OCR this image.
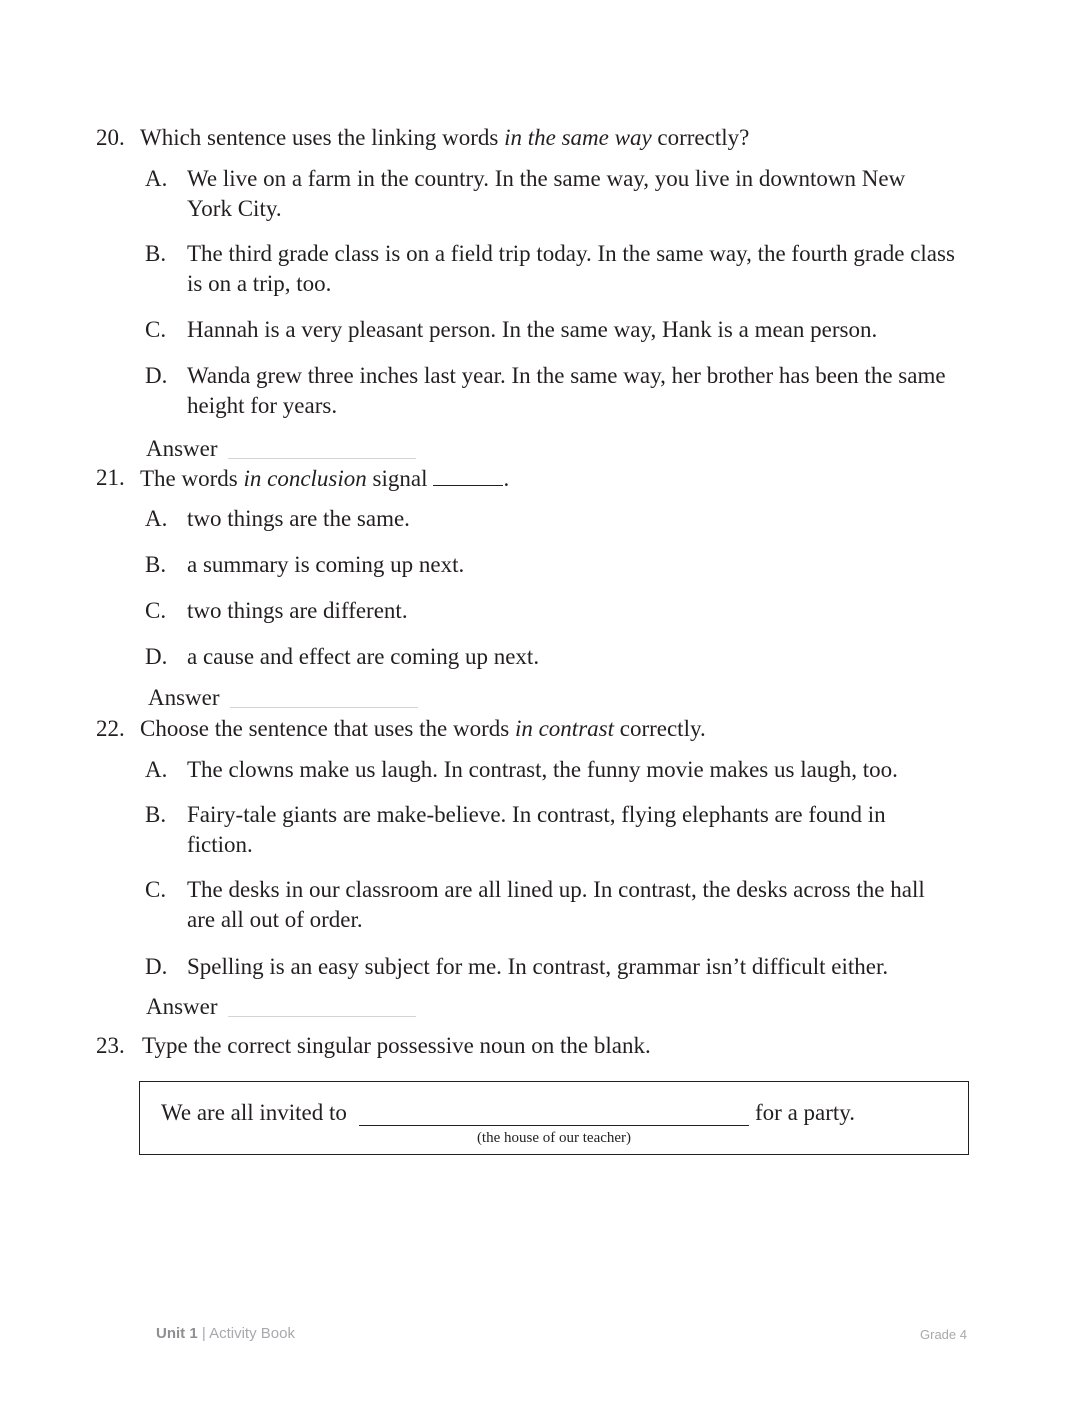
20. Which sentence uses the linking words in the same way correctly?
A. We live on a farm in the country. In the same way, you live in downtown New York City.
B. The third grade class is on a field trip today. In the same way, the fourth grade class is on a trip, too.
C. Hannah is a very pleasant person. In the same way, Hank is a mean person.
D. Wanda grew three inches last year. In the same way, her brother has been the same height for years.
Answer
21. The words in conclusion signal	.
A. two things are the same.
B. a summary is coming up next.
C. two things are different.
D. a cause and effect are coming up next.
Answer
22. Choose the sentence that uses the words in contrast correctly.
A. The clowns make us laugh. In contrast, the funny movie makes us laugh, too.
B. Fairy-tale giants are make-believe. In contrast, flying elephants are found in fiction.
C. The desks in our classroom are all lined up. In contrast, the desks across the hall are all out of order.
D. Spelling is an easy subject for me. In contrast, grammar isn’t difficult either.
Answer
23. Type the correct singular possessive noun on the blank.
We are all invited to	for a party.
(the house of our teacher)
Unit 1 | Activity Book	Grade 4
